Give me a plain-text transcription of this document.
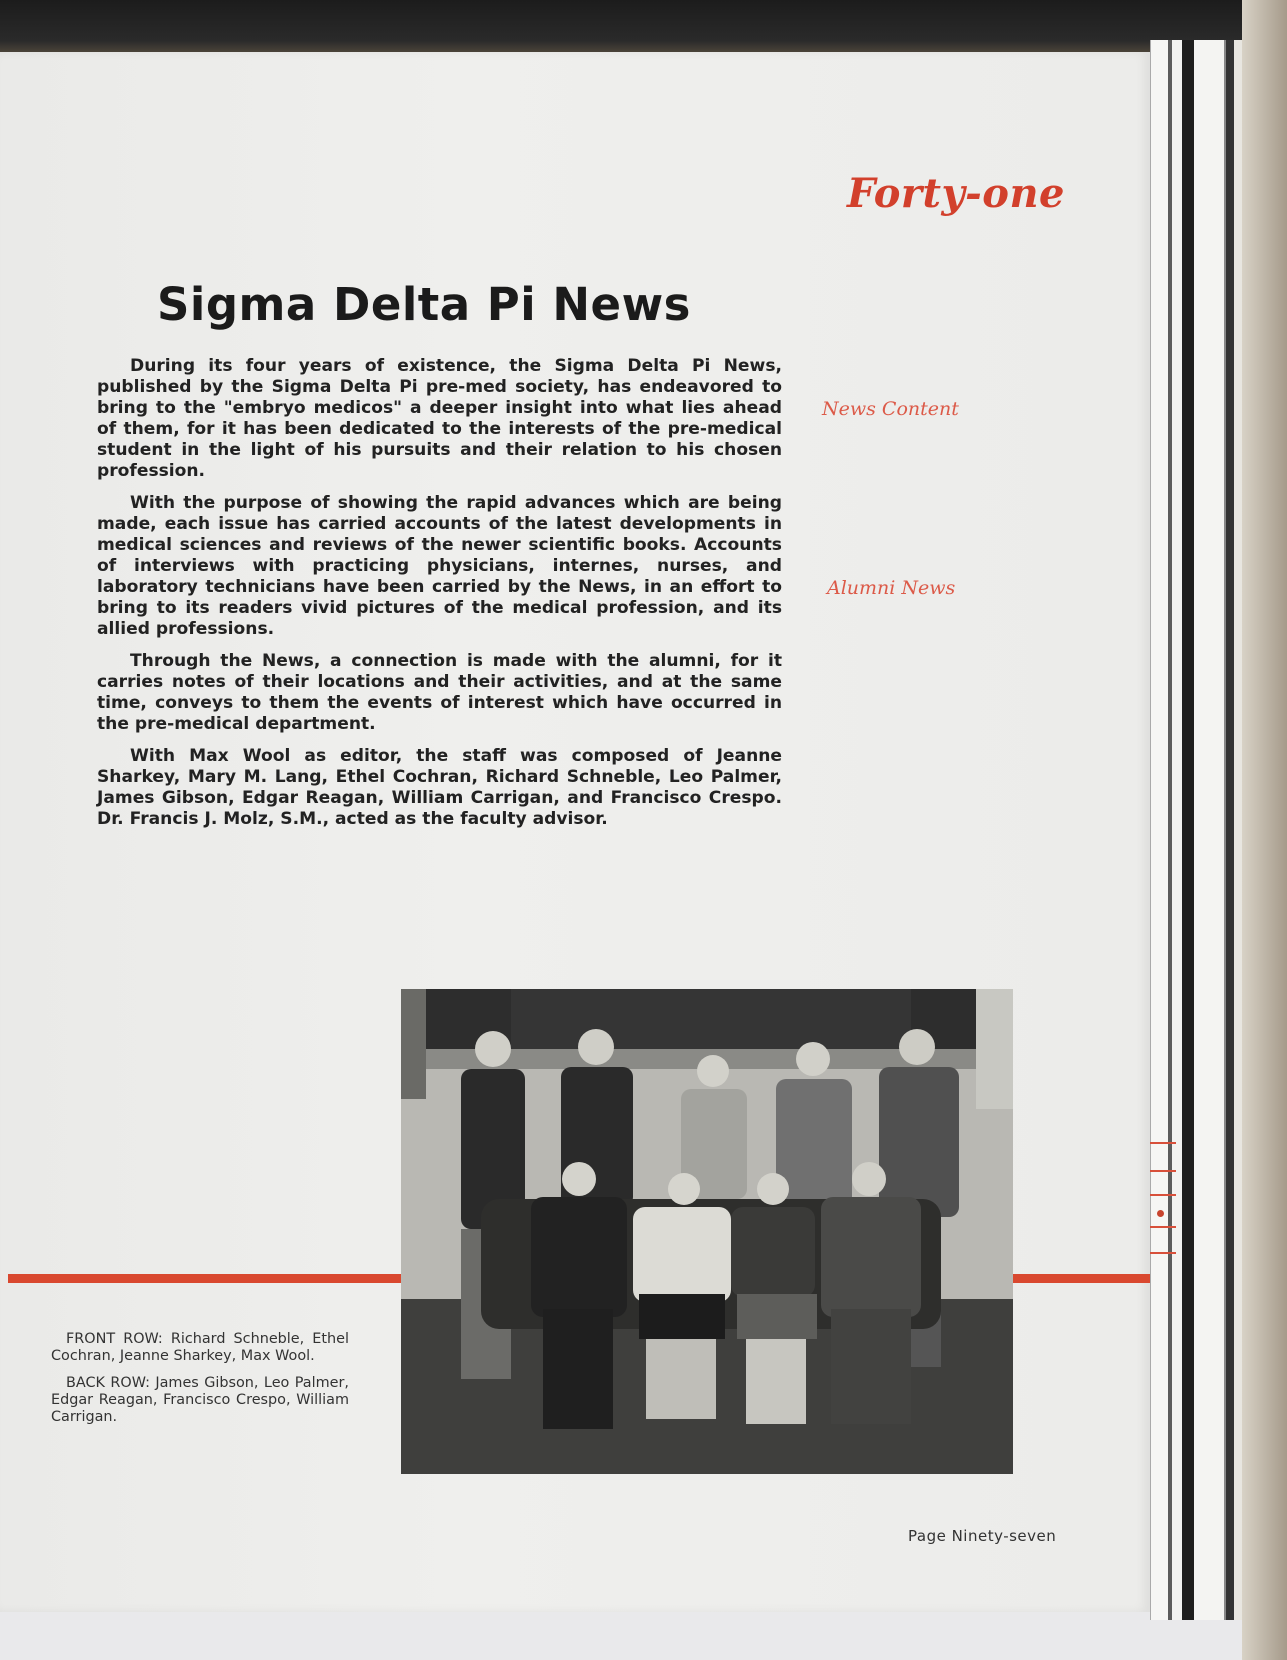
Forty-one
Sigma Delta Pi News

During its four years of existence, the Sigma Delta Pi News, published by the Sigma Delta Pi pre-med society, has endeavored to bring to the "embryo medicos" a deeper insight into what lies ahead of them, for it has been dedicated to the interests of the pre-medical student in the light of his pursuits and their relation to his chosen profession.

With the purpose of showing the rapid advances which are being made, each issue has carried accounts of the latest developments in medical sciences and reviews of the newer scientific books. Accounts of interviews with practicing physicians, internes, nurses, and laboratory technicians have been carried by the News, in an effort to bring to its readers vivid pictures of the medical profession, and its allied professions.

Through the News, a connection is made with the alumni, for it carries notes of their locations and their activities, and at the same time, conveys to them the events of interest which have occurred in the pre-medical department.

With Max Wool as editor, the staff was composed of Jeanne Sharkey, Mary M. Lang, Ethel Cochran, Richard Schneble, Leo Palmer, James Gibson, Edgar Reagan, William Carrigan, and Francisco Crespo. Dr. Francis J. Molz, S.M., acted as the faculty advisor.

News Content
Alumni News

FRONT ROW: Richard Schneble, Ethel Cochran, Jeanne Sharkey, Max Wool.

BACK ROW: James Gibson, Leo Palmer, Edgar Reagan, Francisco Crespo, William Carrigan.

Page Ninety-seven
